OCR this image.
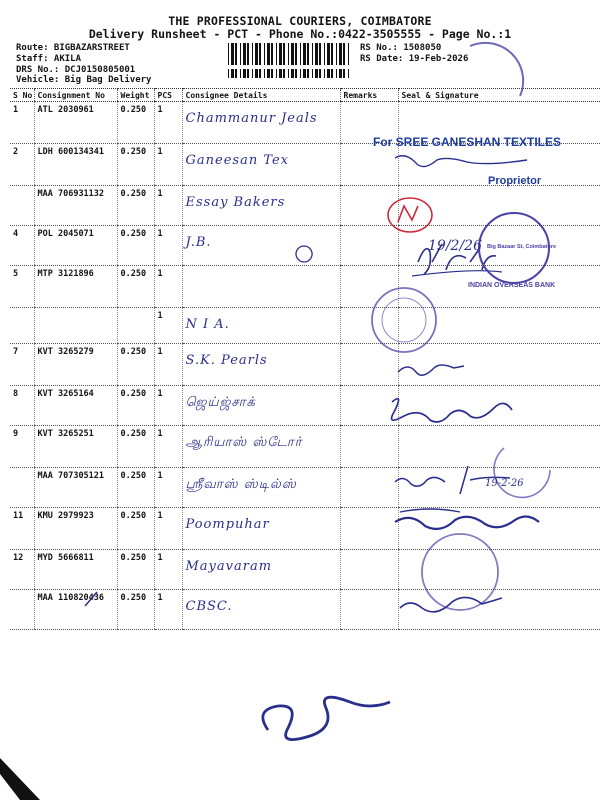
THE PROFESSIONAL COURIERS, COIMBATORE
Delivery Runsheet - PCT - Phone No.:0422-3505555 - Page No.:1
Route: BIGBAZARSTREET
Staff: AKILA
DRS No.: DCJ0150805001
Vehicle: Big Bag Delivery
RS No.: 1508050
RS Date: 19-Feb-2026
S No	Consignment No	Weight	PCS	Consignee Details	Remarks	Seal & Signature
1	ATL 2030961	0.250	1	Chammanur Jeals		
2	LDH 600134341	0.250	1	Ganeesan Tex		
	MAA 706931132	0.250	1	Essay Bakers		
4	POL 2045071	0.250	1	J.B.		
5	MTP 3121896	0.250	1			
			1	N I A.		
7	KVT 3265279	0.250	1	S.K. Pearls		
8	KVT 3265164	0.250	1	ஜெய்ஜ்சாக்		
9	KVT 3265251	0.250	1	ஆரியாஸ் ஸ்டோர்		
	MAA 707305121	0.250	1	ஸ்ரீவாஸ் ஸ்டில்ஸ்		
11	KMU 2979923	0.250	1	Poompuhar		
12	MYD 5666811	0.250	1	Mayavaram		
	MAA 110820436	0.250	1	CBSC.		
For SREE GANESHAN TEXTILES
Proprietor
INDIAN OVERSEAS BANK
Big Bazaar St, Coimbatore
19/2/26
19-2-26
